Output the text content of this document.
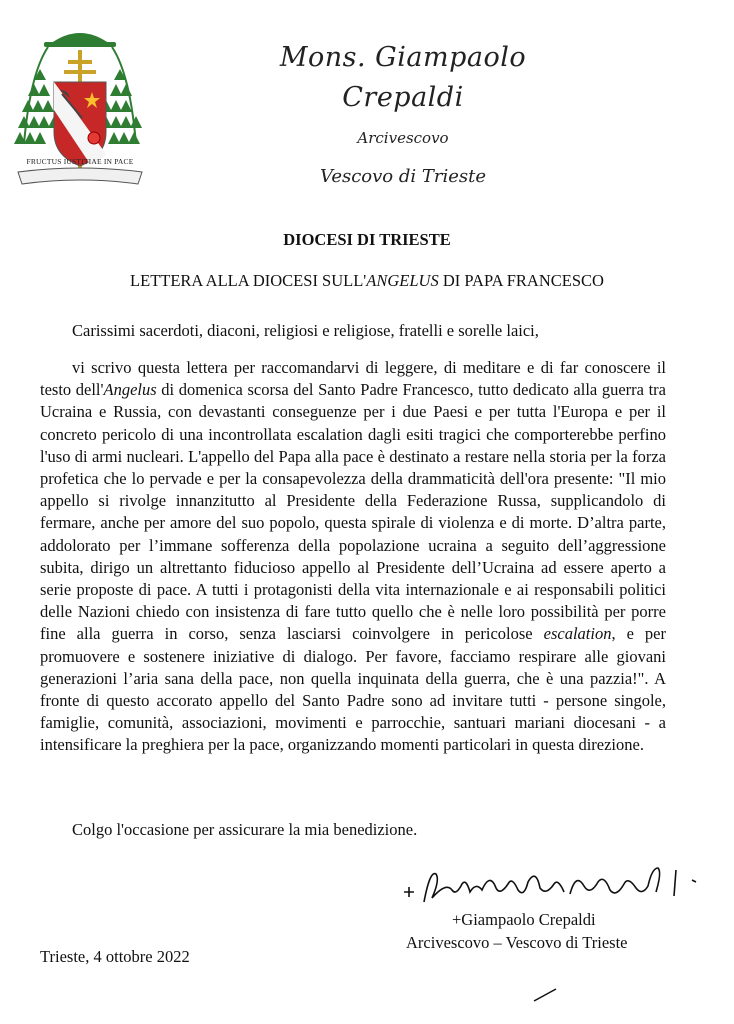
FRUCTUS IUSTITIAE IN PACE
Mons. Giampaolo Crepaldi
Arcivescovo
Vescovo di Trieste
DIOCESI DI TRIESTE
LETTERA ALLA DIOCESI SULL'ANGELUS DI PAPA FRANCESCO
Carissimi sacerdoti, diaconi, religiosi e religiose, fratelli e sorelle laici,
vi scrivo questa lettera per raccomandarvi di leggere, di meditare e di far conoscere il testo dell'Angelus di domenica scorsa del Santo Padre Francesco, tutto dedicato alla guerra tra Ucraina e Russia, con devastanti conseguenze per i due Paesi e per tutta l'Europa e per il concreto pericolo di una incontrollata escalation dagli esiti tragici che comporterebbe perfino l'uso di armi nucleari. L'appello del Papa alla pace è destinato a restare nella storia per la forza profetica che lo pervade e per la consapevolezza della drammaticità dell'ora presente: "Il mio appello si rivolge innanzitutto al Presidente della Federazione Russa, supplicandolo di fermare, anche per amore del suo popolo, questa spirale di violenza e di morte. D’altra parte, addolorato per l’immane sofferenza della popolazione ucraina a seguito dell’aggressione subita, dirigo un altrettanto fiducioso appello al Presidente dell’Ucraina ad essere aperto a serie proposte di pace. A tutti i protagonisti della vita internazionale e ai responsabili politici delle Nazioni chiedo con insistenza di fare tutto quello che è nelle loro possibilità per porre fine alla guerra in corso, senza lasciarsi coinvolgere in pericolose escalation, e per promuovere e sostenere iniziative di dialogo. Per favore, facciamo respirare alle giovani generazioni l’aria sana della pace, non quella inquinata della guerra, che è una pazzia!". A fronte di questo accorato appello del Santo Padre sono ad invitare tutti - persone singole, famiglie, comunità, associazioni, movimenti e parrocchie, santuari mariani diocesani - a intensificare la preghiera per la pace, organizzando momenti particolari in questa direzione.
Colgo l'occasione per assicurare la mia benedizione.
+Giampaolo Crepaldi
Arcivescovo – Vescovo di Trieste
Trieste, 4 ottobre 2022
